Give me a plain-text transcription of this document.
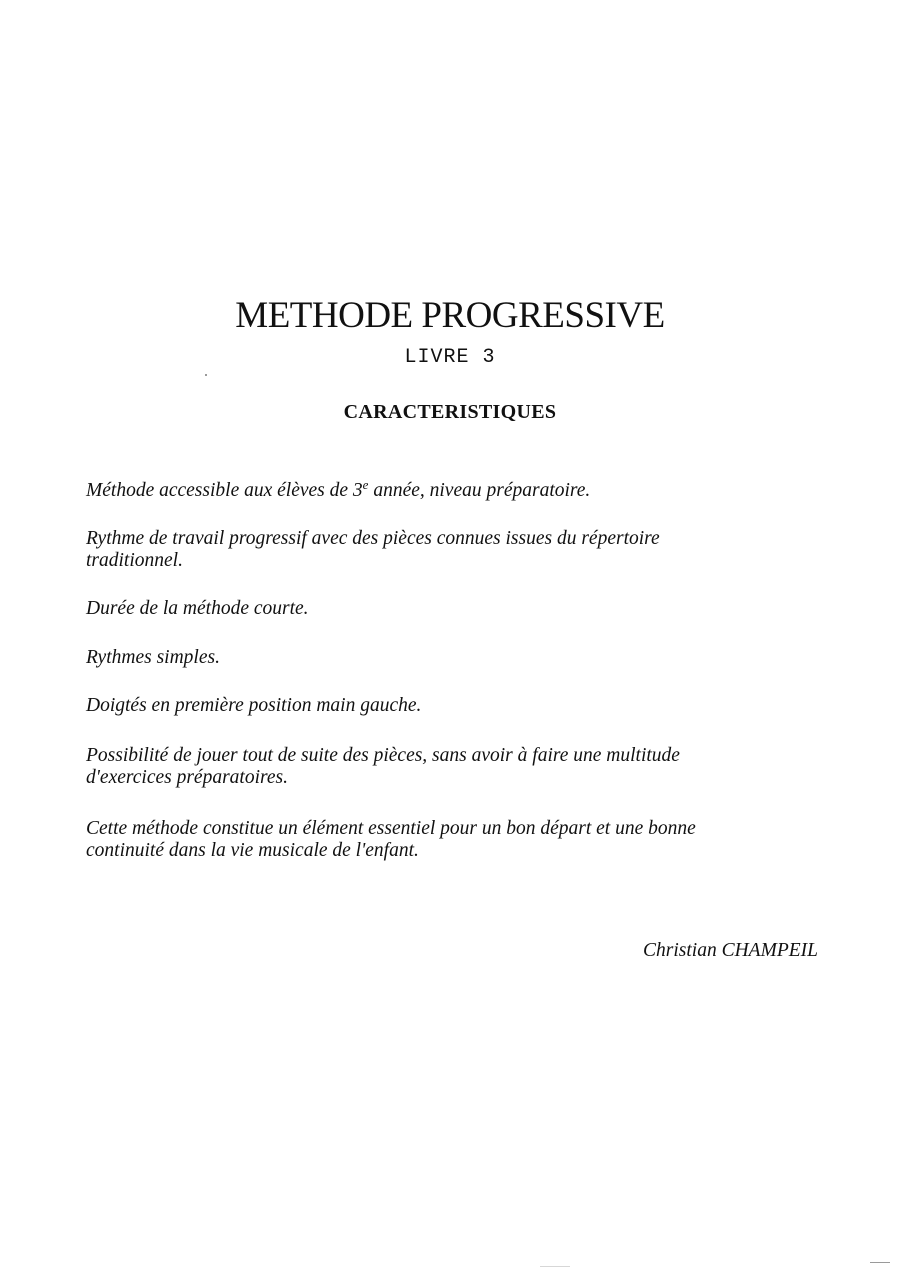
METHODE PROGRESSIVE
LIVRE 3
CARACTERISTIQUES

Méthode accessible aux élèves de 3e année, niveau préparatoire.

Rythme de travail progressif avec des pièces connues issues du répertoire
traditionnel.

Durée de la méthode courte.

Rythmes simples.

Doigtés en première position main gauche.

Possibilité de jouer tout de suite des pièces, sans avoir à faire une multitude
d'exercices préparatoires.

Cette méthode constitue un élément essentiel pour un bon départ et une bonne
continuité dans la vie musicale de l'enfant.

Christian CHAMPEIL
